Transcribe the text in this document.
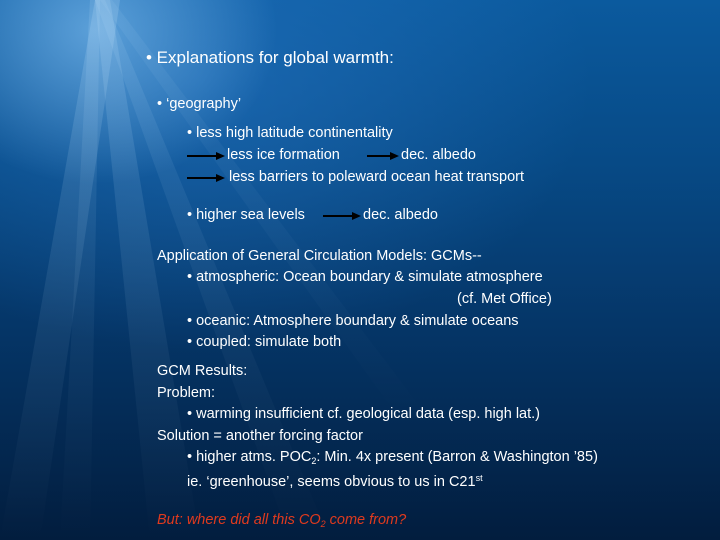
• Explanations for global warmth:
• ‘geography’
• less high latitude continentality
less ice formation	dec. albedo
less barriers to poleward ocean heat transport
• higher sea levels	dec. albedo
Application of General Circulation Models: GCMs--
• atmospheric: Ocean boundary & simulate atmosphere
(cf. Met Office)
• oceanic: Atmosphere boundary & simulate oceans
• coupled: simulate both
GCM Results:
Problem:
• warming insufficient cf. geological data (esp. high lat.)
Solution = another forcing factor
• higher atms. $POC_2$: Min. 4x present (Barron & Washington ’85)
ie. ‘greenhouse’, seems obvious to us in C21st
But: where did all this $CO_2$ come from?
